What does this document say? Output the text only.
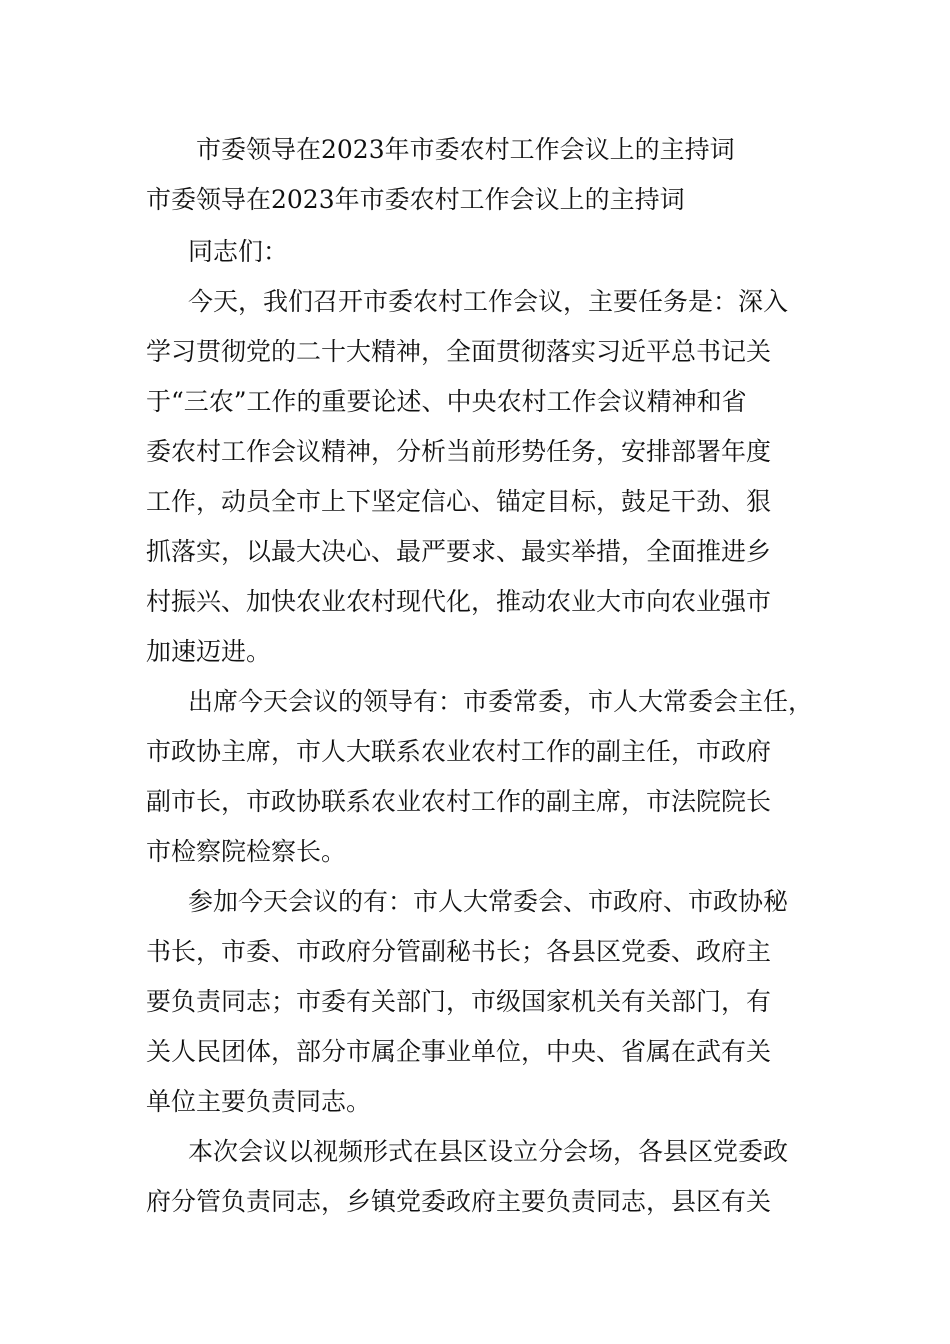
市委领导在2023年市委农村工作会议上的主持词
市委领导在2023年市委农村工作会议上的主持词

同志们：

今天，我们召开市委农村工作会议，主要任务是：深入
学习贯彻党的二十大精神，全面贯彻落实习近平总书记关
于“三农”工作的重要论述、中央农村工作会议精神和省
委农村工作会议精神，分析当前形势任务，安排部署年度
工作，动员全市上下坚定信心、锚定目标，鼓足干劲、狠
抓落实，以最大决心、最严要求、最实举措，全面推进乡
村振兴、加快农业农村现代化，推动农业大市向农业强市
加速迈进。

出席今天会议的领导有：市委常委，市人大常委会主任，
市政协主席，市人大联系农业农村工作的副主任，市政府
副市长，市政协联系农业农村工作的副主席，市法院院长
市检察院检察长。

参加今天会议的有：市人大常委会、市政府、市政协秘
书长，市委、市政府分管副秘书长；各县区党委、政府主
要负责同志；市委有关部门，市级国家机关有关部门，有
关人民团体，部分市属企事业单位，中央、省属在武有关
单位主要负责同志。

本次会议以视频形式在县区设立分会场，各县区党委政
府分管负责同志，乡镇党委政府主要负责同志，县区有关
